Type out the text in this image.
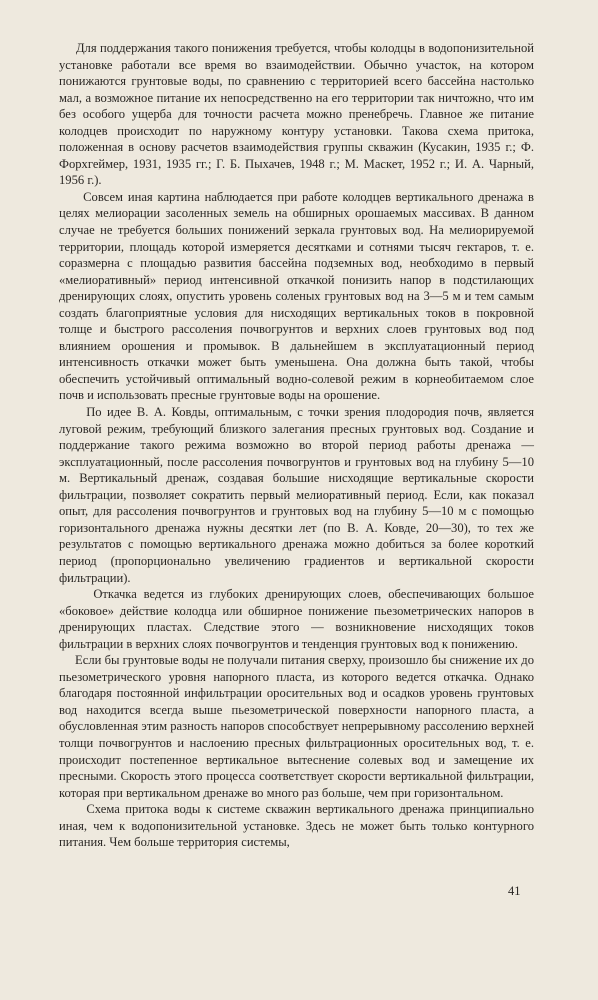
Для поддержания такого понижения требуется, чтобы колодцы в водопонизительной установке работали все время во взаимодействии. Обычно участок, на котором понижаются грунтовые воды, по сравнению с территорией всего бассейна настолько мал, а возможное питание их непосредственно на его территории так ничтожно, что им без особого ущерба для точности расчета можно пренебречь. Главное же питание колодцев происходит по наружному контуру установки. Такова схема притока, положенная в основу расчетов взаимодействия группы скважин (Кусакин, 1935 г.; Ф. Форхгеймер, 1931, 1935 гг.; Г. Б. Пыхачев, 1948 г.; М. Маскет, 1952 г.; И. А. Чарный, 1956 г.).

Совсем иная картина наблюдается при работе колодцев вертикального дренажа в целях мелиорации засоленных земель на обширных орошаемых массивах. В данном случае не требуется больших понижений зеркала грунтовых вод. На мелиорируемой территории, площадь которой измеряется десятками и сотнями тысяч гектаров, т. е. соразмерна с площадью развития бассейна подземных вод, необходимо в первый «мелиоративный» период интенсивной откачкой понизить напор в подстилающих дренирующих слоях, опустить уровень соленых грунтовых вод на 3—5 м и тем самым создать благоприятные условия для нисходящих вертикальных токов в покровной толще и быстрого рассоления почвогрунтов и верхних слоев грунтовых вод под влиянием орошения и промывок. В дальнейшем в эксплуатационный период интенсивность откачки может быть уменьшена. Она должна быть такой, чтобы обеспечить устойчивый оптимальный водно-солевой режим в корнеобитаемом слое почв и использовать пресные грунтовые воды на орошение.

По идее В. А. Ковды, оптимальным, с точки зрения плодородия почв, является луговой режим, требующий близкого залегания пресных грунтовых вод. Создание и поддержание такого режима возможно во второй период работы дренажа — эксплуатационный, после рассоления почвогрунтов и грунтовых вод на глубину 5—10 м. Вертикальный дренаж, создавая большие нисходящие вертикальные скорости фильтрации, позволяет сократить первый мелиоративный период. Если, как показал опыт, для рассоления почвогрунтов и грунтовых вод на глубину 5—10 м с помощью горизонтального дренажа нужны десятки лет (по В. А. Ковде, 20—30), то тех же результатов с помощью вертикального дренажа можно добиться за более короткий период (пропорционально увеличению градиентов и вертикальной скорости фильтрации).

Откачка ведется из глубоких дренирующих слоев, обеспечивающих большое «боковое» действие колодца или обширное понижение пьезометрических напоров в дренирующих пластах. Следствие этого — возникновение нисходящих токов фильтрации в верхних слоях почвогрунтов и тенденция грунтовых вод к понижению.

Если бы грунтовые воды не получали питания сверху, произошло бы снижение их до пьезометрического уровня напорного пласта, из которого ведется откачка. Однако благодаря постоянной инфильтрации оросительных вод и осадков уровень грунтовых вод находится всегда выше пьезометрической поверхности напорного пласта, а обусловленная этим разность напоров способствует непрерывному рассолению верхней толщи почвогрунтов и наслоению пресных фильтрационных оросительных вод, т. е. происходит постепенное вертикальное вытеснение солевых вод и замещение их пресными. Скорость этого процесса соответствует скорости вертикальной фильтрации, которая при вертикальном дренаже во много раз больше, чем при горизонтальном.

Схема притока воды к системе скважин вертикального дренажа принципиально иная, чем к водопонизительной установке. Здесь не может быть только контурного питания. Чем больше территория системы,

41
